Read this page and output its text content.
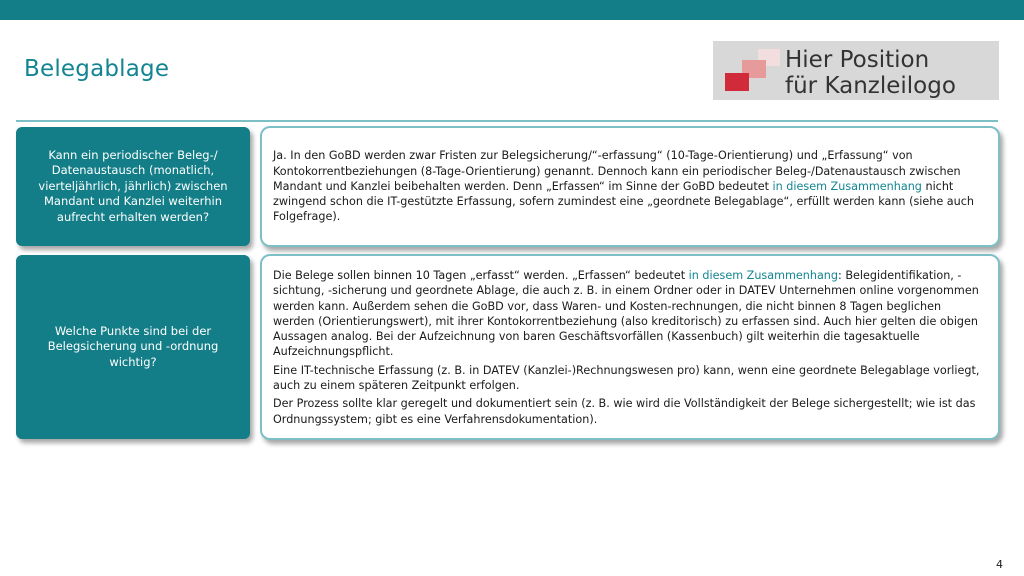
Belegablage	Hier Position
für Kanzleilogo
Kann ein periodischer Beleg-/ Datenaustausch (monatlich, vierteljährlich, jährlich) zwischen Mandant und Kanzlei weiterhin aufrecht erhalten werden?

Ja. In den GoBD werden zwar Fristen zur Belegsicherung/“-erfassung“ (10-Tage-Orientierung) und „Erfassung“ von Kontokorrentbeziehungen (8-Tage-Orientierung) genannt. Dennoch kann ein periodischer Beleg-/Datenaustausch zwischen Mandant und Kanzlei beibehalten werden. Denn „Erfassen“ im Sinne der GoBD bedeutet in diesem Zusammenhang nicht zwingend schon die IT-gestützte Erfassung, sofern zumindest eine „geordnete Belegablage“, erfüllt werden kann (siehe auch Folgefrage).

Welche Punkte sind bei der Belegsicherung und -ordnung wichtig?

Die Belege sollen binnen 10 Tagen „erfasst“ werden. „Erfassen“ bedeutet in diesem Zusammenhang: Belegidentifikation, -sichtung, -sicherung und geordnete Ablage, die auch z. B. in einem Ordner oder in DATEV Unternehmen online vorgenommen werden kann. Außerdem sehen die GoBD vor, dass Waren- und Kosten-rechnungen, die nicht binnen 8 Tagen beglichen werden (Orientierungswert), mit ihrer Kontokorrentbeziehung (also kreditorisch) zu erfassen sind. Auch hier gelten die obigen Aussagen analog. Bei der Aufzeichnung von baren Geschäftsvorfällen (Kassenbuch) gilt weiterhin die tagesaktuelle Aufzeichnungspflicht.

Eine IT-technische Erfassung (z. B. in DATEV (Kanzlei-)Rechnungswesen pro) kann, wenn eine geordnete Belegablage vorliegt, auch zu einem späteren Zeitpunkt erfolgen.

Der Prozess sollte klar geregelt und dokumentiert sein (z. B. wie wird die Vollständigkeit der Belege sichergestellt; wie ist das Ordnungssystem; gibt es eine Verfahrensdokumentation).

4
